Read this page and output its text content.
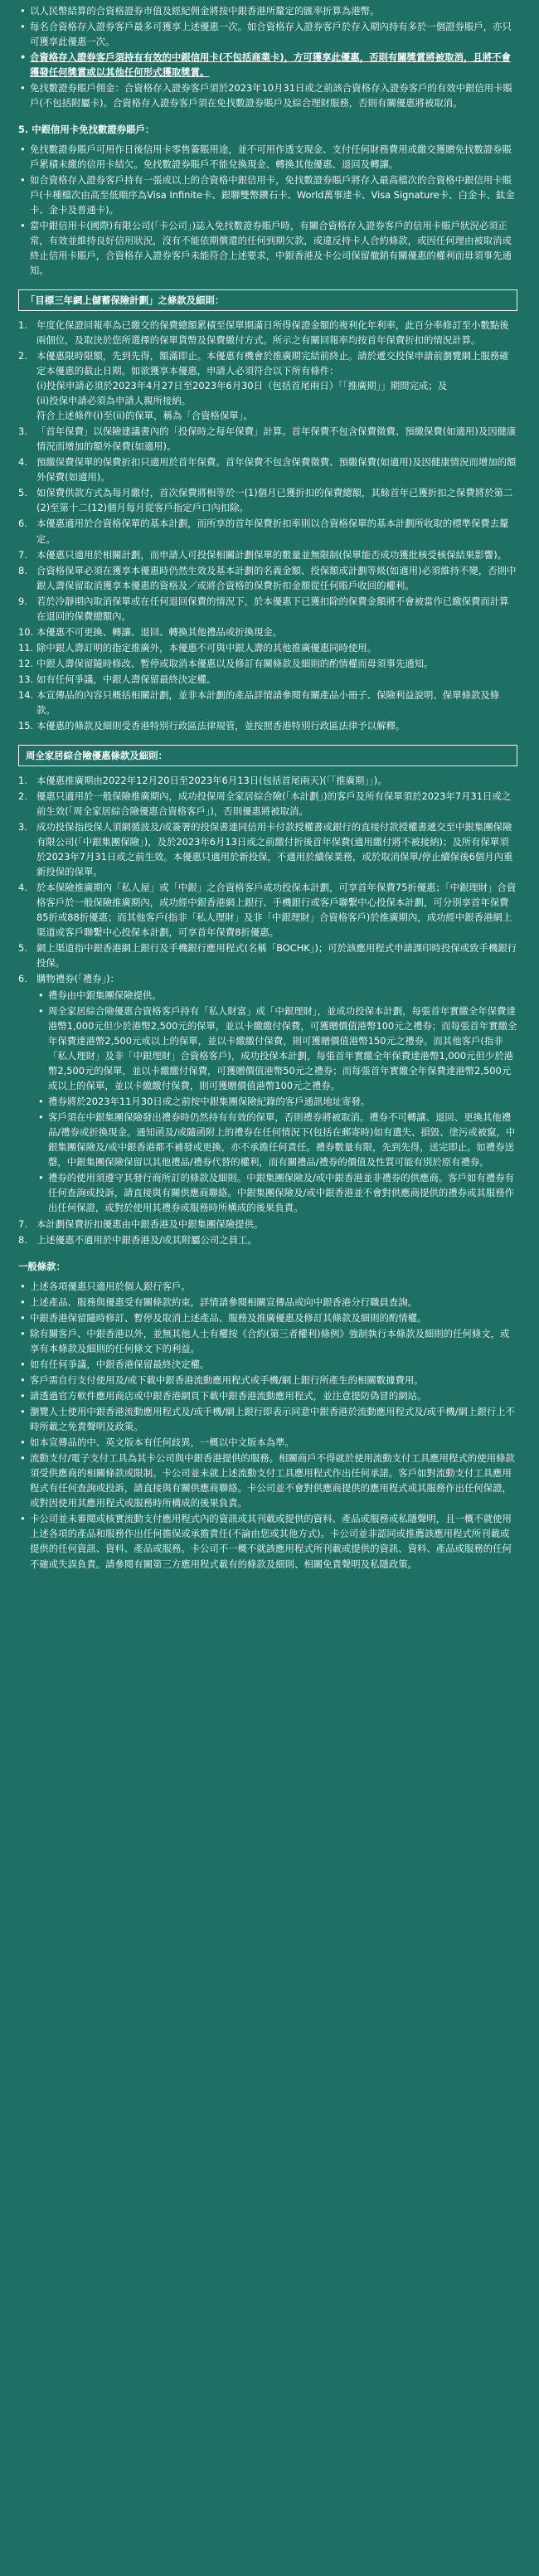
• 以人民幣結算的合資格證券市值及經紀佣金將按中銀香港所釐定的匯率折算為港幣。
• 每名合資格存入證券客戶最多可獲享上述優惠一次。如合資格存入證券客戶於存入期內持有多於一個證券賬戶，亦只可獲享此優惠一次。
• 合資格存入證券客戶須持有有效的中銀信用卡(不包括商業卡)，方可獲享此優惠，否則有關獎賞將被取消，且將不會獲發任何獎賞或以其他任何形式獲取獎賞。
• 免找數證券賬戶佣金：合資格存入證券客戶須於2023年10月31日或之前該合資格存入證券客戶的有效中銀信用卡賬戶(不包括附屬卡)。合資格存入證券客戶須在免找數證券賬戶及綜合理財服務，否則有關優惠將被取消。
5. 中銀信用卡免找數證券賬戶：
• 免找數證券賬戶可用作日後信用卡零售簽賬用途，並不可用作透支現金、支付任何財務費用或繳交獲贈免找數證券賬戶累積未繳的信用卡結欠。免找數證券賬戶不能兌換現金、轉換其他優惠、退回及轉讓。
• 如合資格存入證券客戶持有一張或以上的合資格中銀信用卡，免找數證券賬戶將存入最高檔次的合資格中銀信用卡賬戶(卡種檔次由高至低順序為Visa Infinite卡、銀聯雙幣鑽石卡、World萬事達卡、Visa Signature卡、白金卡、鈦金卡、金卡及普通卡)。
• 當中銀信用卡(國際)有限公司(「卡公司」)誌入免找數證券賬戶時，有關合資格存入證券客戶的信用卡賬戶狀況必須正常，有效並維持良好信用狀況，沒有不能依期償還的任何到期欠款，或違反持卡人合約條款，或因任何理由被取消或終止信用卡賬戶，合資格存入證券客戶未能符合上述要求，中銀香港及卡公司保留撤銷有關優惠的權利而毋須事先通知。
「目標三年網上儲蓄保險計劃」之條款及細則：
1. 年度化保證回報率為已繳交的保費總額累積至保單期滿日所得保證金額的複利化年利率，此百分率修訂至小數點後兩個位，及取決於您所選擇的保單貨幣及保費繳付方式。所示之有關回報率均按首年保費折扣的情況計算。
2. 本優惠限時限額，先到先得，額滿即止。本優惠有機會於推廣期完結前終止。請於遞交投保申請前瀏覽網上服務確定本優惠的截止日期。如欲獲享本優惠，申請人必須符合以下所有條件：
(i)投保申請必須於2023年4月27日至2023年6月30日（包括首尾兩日）「「推廣期」」期間完成；及
(ii)投保申請必須為申請人親所接納。
符合上述條件(i)至(ii)的保單，稱為「合資格保單」。
3. 「首年保費」以保險建議書內的「投保時之每年保費」計算。首年保費不包含保費徵費、預繳保費(如適用)及因健康情況而增加的額外保費(如適用)。
4. 預繳保費保單的保費折扣只適用於首年保費。首年保費不包含保費徵費、預繳保費(如適用)及因健康情況而增加的額外保費(如適用)。
5. 如保費供款方式為每月繳付，首次保費將相等於一(1)個月已獲折扣的保費總額，其餘首年已獲折扣之保費將於第二(2)至第十二(12)個月每月從客戶指定戶口內扣除。
6. 本優惠適用於合資格保單的基本計劃，而所享的首年保費折扣率則以合資格保單的基本計劃所收取的標準保費去釐定。
7. 本優惠只適用於相關計劃，而申請人可投保相關計劃保單的數量並無限制(保單能否成功獲批核受核保結果影響)。
8. 合資格保單必須在獲享本優惠時仍然生效及基本計劃的名義金額、投保額或計劃等級(如適用)必須維持不變，否則中銀人壽保留取消獲享本優惠的資格及／或將合資格的保費折扣金額從任何賬戶收回的權利。
9. 若於冷靜期內取消保單或在任何退回保費的情況下，於本優惠下已獲扣除的保費金額將不會被當作已繳保費而計算在退回的保費總額內。
10. 本優惠不可更換、轉讓、退回、轉換其他禮品或折換現金。
11. 除中銀人壽訂明的指定推廣外，本優惠不可與中銀人壽的其他推廣優惠同時使用。
12. 中銀人壽保留隨時修改、暫停或取消本優惠以及修訂有關條款及細則的酌情權而毋須事先通知。
13. 如有任何爭議，中銀人壽保留最終決定權。
14. 本宣傳品的內容只概括相關計劃，並非本計劃的產品詳情請參閱有關產品小冊子、保險利益說明、保單條款及條款。
15. 本優惠的條款及細則受香港特別行政區法律規管，並按照香港特別行政區法律予以解釋。
周全家居綜合險優惠條款及細則：
1. 本優惠推廣期由2022年12月20日至2023年6月13日(包括首尾兩天)(「「推廣期」」)。
2. 優惠只適用於一般保險推廣期內，成功投保周全家居綜合險(「本計劃」)的客戶及所有保單須於2023年7月31日或之前生效(「周全家居綜合險優惠合資格客戶」)，否則優惠將被取消。
3. 成功投保指投保人須網循波及/或簽署的投保書連同信用卡付款授權書或銀行的直接付款授權書遞交至中銀集團保險有限公司(「中銀集團保險」)，及於2023年6月13日或之前繳付折後首年保費(適用繳付將不被接納)；及所有保單須於2023年7月31日或之前生效。本優惠只適用於新投保，不適用於續保業務，或於取消保單/停止續保後6個月內重新投保的保單。
4. 於本保險推廣期內「私人屋」或「中銀」之合資格客戶成功投保本計劃，可享首年保費75折優惠；「中銀理財」合資格客戶於一般保險推廣期內，成功經中銀香港網上銀行、手機銀行或客戶聯繫中心投保本計劃，可分別享首年保費85折或88折優惠；而其他客戶(指非「私人理財」及非「中銀理財」合資格客戶)於推廣期內，成功經中銀香港網上渠道或客戶聯繫中心投保本計劃，可享首年保費8折優惠。
5. 網上渠道指中銀香港網上銀行及手機銀行應用程式(名稱「BOCHK」)；可於該應用程式申請課印時投保或致手機銀行投保。
6. 購物禮券(「禮券」)：
• 禮券由中銀集團保險提供。
• 周全家居綜合險優惠合資格客戶持有「私人財富」或「中銀理財」，並成功投保本計劃，每張首年實繳全年保費達港幣1,000元但少於港幣2,500元的保單，並以卡繳繳付保費，可獲贈價值港幣100元之禮券；而每張首年實繳全年保費達港幣2,500元或以上的保單，並以卡繳繳付保費，則可獲贈價值港幣150元之禮券。而其他客戶(指非「私人理財」及非「中銀理財」合資格客戶)，成功投保本計劃，每張首年實繳全年保費達港幣1,000元但少於港幣2,500元的保單，並以卡繳繳付保費，可獲贈價值港幣50元之禮券；而每張首年實繳全年保費達港幣2,500元或以上的保單，並以卡繳繳付保費，則可獲贈價值港幣100元之禮券。
• 禮券將於2023年11月30日或之前按中銀集團保險紀錄的客戶通訊地址寄發。
• 客戶須在中銀集團保險發出禮券時仍然持有有效的保單，否則禮券將被取消。禮券不可轉讓、退回、更換其他禮品/禮券或折換現金。通知函及/或隨函附上的禮券在任何情況下(包括在郵寄時)如有遺失、損毀、塗污或被竄，中銀集團保險及/或中銀香港都不補發或更換，亦不承擔任何責任。禮券數量有限，先到先得，送完即止。如禮券送罄，中銀集團保險保留以其他禮品/禮券代替的權利，而有關禮品/禮券的價值及性質可能有別於原有禮券。
• 禮券的使用須遵守其發行商所訂的條款及細則。中銀集團保險及/或中銀香港並非禮券的供應商。客戶如有禮券有任何查詢或投訴，請直接與有關供應商聯絡。中銀集團保險及/或中銀香港並不會對供應商提供的禮券或其服務作出任何保證，或對於使用其禮券或服務時所構成的後果負責。
7. 本計劃保費折扣優惠由中銀香港及中銀集團保險提供。
8. 上述優惠不適用於中銀香港及/或其附屬公司之員工。
一般條款：
• 上述各項優惠只適用於個人銀行客戶。
• 上述產品、服務與優惠受有關條款約束，詳情請參閱相關宣傳品或向中銀香港分行職員查詢。
• 中銀香港保留隨時修訂、暫停及取消上述產品、服務及推廣優惠及修訂其條款及細則的酌情權。
• 除有關客戶、中銀香港以外，並無其他人士有權按《合約(第三者權利)條例》強制執行本條款及細則的任何條文，或享有本條款及細則的任何條文下的利益。
• 如有任何爭議，中銀香港保留最終決定權。
• 客戶需自行支付使用及/或下載中銀香港流動應用程式或手機/網上銀行所產生的相關數據費用。
• 請透過官方軟件應用商店或中銀香港網頁下載中銀香港流動應用程式，並注意提防偽冒的網站。
• 瀏覽人士使用中銀香港流動應用程式及/或手機/網上銀行即表示同意中銀香港於流動應用程式及/或手機/網上銀行上不時所載之免責聲明及政策。
• 如本宣傳品的中、英文版本有任何歧異，一概以中文版本為準。
• 流動支付/電子支付工具為其卡公司與中銀香港提供的服務。相關商戶不得就於使用流動支付工具應用程式的使用條款須受供應商的相關條款或限制。卡公司並未就上述流動支付工具應用程式作出任何承諾。客戶如對流動支付工具應用程式有任何查詢或投訴，請直接與有關供應商聯絡。卡公司並不會對供應商提供的應用程式或其服務作出任何保證，或對因使用其應用程式或服務時所構成的後果負責。
• 卡公司並未審閱或核實流動支付應用程式內的資訊或其刊載或提供的資料、產品或服務或私隱聲明，且一概不就使用上述各項的產品和服務作出任何擔保或承擔責任(不論由您或其他方式)。卡公司並非認同或推薦該應用程式所刊載或提供的任何資訊、資料、產品或服務。卡公司不一概不就該應用程式所刊載或提供的資訊、資料、產品或服務的任何不確或失誤負責。請參閱有關第三方應用程式載有的條款及細則、相關免責聲明及私隱政策。
